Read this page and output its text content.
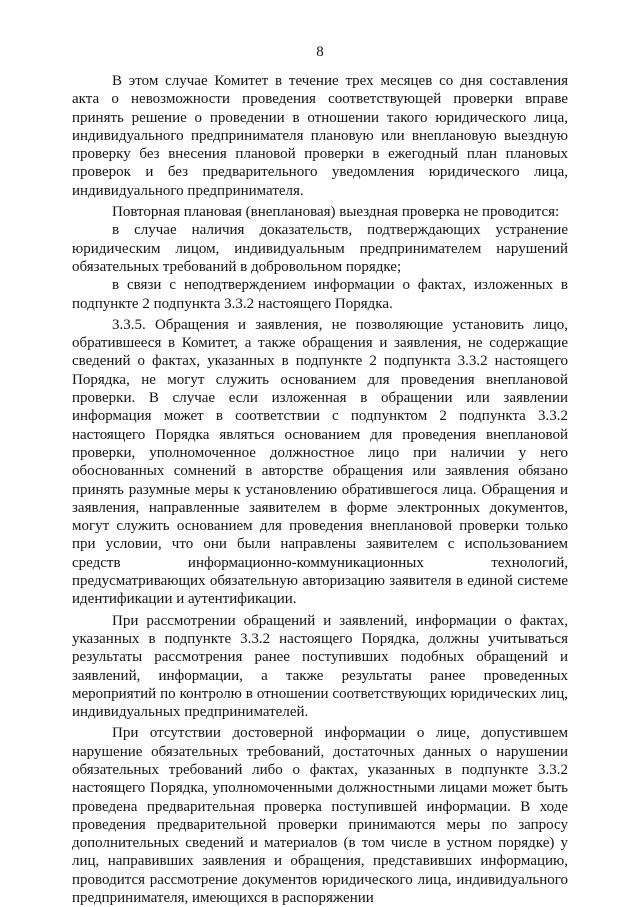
8

В этом случае Комитет в течение трех месяцев со дня составления акта о невозможности проведения соответствующей проверки вправе принять решение о проведении в отношении такого юридического лица, индивидуального предпринимателя плановую или внеплановую выездную проверку без внесения плановой проверки в ежегодный план плановых проверок и без предварительного уведомления юридического лица, индивидуального предпринимателя.

Повторная плановая (внеплановая) выездная проверка не проводится:

в случае наличия доказательств, подтверждающих устранение юридическим лицом, индивидуальным предпринимателем нарушений обязательных требований в добровольном порядке;

в связи с неподтверждением информации о фактах, изложенных в подпункте 2 подпункта 3.3.2 настоящего Порядка.

3.3.5. Обращения и заявления, не позволяющие установить лицо, обратившееся в Комитет, а также обращения и заявления, не содержащие сведений о фактах, указанных в подпункте 2 подпункта 3.3.2 настоящего Порядка, не могут служить основанием для проведения внеплановой проверки. В случае если изложенная в обращении или заявлении информация может в соответствии с подпунктом 2 подпункта 3.3.2 настоящего Порядка являться основанием для проведения внеплановой проверки, уполномоченное должностное лицо при наличии у него обоснованных сомнений в авторстве обращения или заявления обязано принять разумные меры к установлению обратившегося лица. Обращения и заявления, направленные заявителем в форме электронных документов, могут служить основанием для проведения внеплановой проверки только при условии, что они были направлены заявителем с использованием средств информационно-коммуникационных технологий, предусматривающих обязательную авторизацию заявителя в единой системе идентификации и аутентификации.

При рассмотрении обращений и заявлений, информации о фактах, указанных в подпункте 3.3.2 настоящего Порядка, должны учитываться результаты рассмотрения ранее поступивших подобных обращений и заявлений, информации, а также результаты ранее проведенных мероприятий по контролю в отношении соответствующих юридических лиц, индивидуальных предпринимателей.

При отсутствии достоверной информации о лице, допустившем нарушение обязательных требований, достаточных данных о нарушении обязательных требований либо о фактах, указанных в подпункте 3.3.2 настоящего Порядка, уполномоченными должностными лицами может быть проведена предварительная проверка поступившей информации. В ходе проведения предварительной проверки принимаются меры по запросу дополнительных сведений и материалов (в том числе в устном порядке) у лиц, направивших заявления и обращения, представивших информацию, проводится рассмотрение документов юридического лица, индивидуального предпринимателя, имеющихся в распоряжении
